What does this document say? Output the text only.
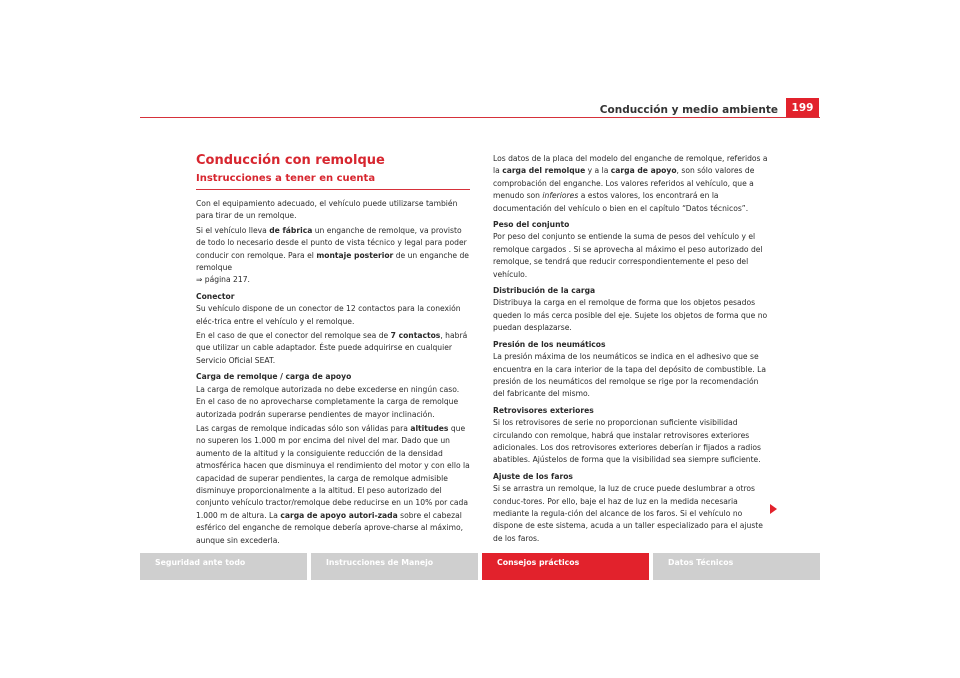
Conducción y medio ambiente	199
Conducción con remolque
Instrucciones a tener en cuenta

Con el equipamiento adecuado, el vehículo puede utilizarse también para tirar de un remolque.

Si el vehículo lleva de fábrica un enganche de remolque, va provisto de todo lo necesario desde el punto de vista técnico y legal para poder conducir con remolque. Para el montaje posterior de un enganche de remolque
⇒ página 217.

Conector

Su vehículo dispone de un conector de 12 contactos para la conexión eléc-trica entre el vehículo y el remolque.

En el caso de que el conector del remolque sea de 7 contactos, habrá que utilizar un cable adaptador. Éste puede adquirirse en cualquier Servicio Oficial SEAT.

Carga de remolque / carga de apoyo

La carga de remolque autorizada no debe excederse en ningún caso. En el caso de no aprovecharse completamente la carga de remolque autorizada podrán superarse pendientes de mayor inclinación.

Las cargas de remolque indicadas sólo son válidas para altitudes que no superen los 1.000 m por encima del nivel del mar. Dado que un aumento de la altitud y la consiguiente reducción de la densidad atmosférica hacen que disminuya el rendimiento del motor y con ello la capacidad de superar pendientes, la carga de remolque admisible disminuye proporcionalmente a la altitud. El peso autorizado del conjunto vehículo tractor/remolque debe reducirse en un 10% por cada 1.000 m de altura. La carga de apoyo autori-zada sobre el cabezal esférico del enganche de remolque debería aprove-charse al máximo, aunque sin excederla.

Los datos de la placa del modelo del enganche de remolque, referidos a la carga del remolque y a la carga de apoyo, son sólo valores de comprobación del enganche. Los valores referidos al vehículo, que a menudo son inferiores a estos valores, los encontrará en la documentación del vehículo o bien en el capítulo “Datos técnicos”.

Peso del conjunto

Por peso del conjunto se entiende la suma de pesos del vehículo y el remolque cargados . Si se aprovecha al máximo el peso autorizado del remolque, se tendrá que reducir correspondientemente el peso del vehículo.

Distribución de la carga

Distribuya la carga en el remolque de forma que los objetos pesados queden lo más cerca posible del eje. Sujete los objetos de forma que no puedan desplazarse.

Presión de los neumáticos

La presión máxima de los neumáticos se indica en el adhesivo que se encuentra en la cara interior de la tapa del depósito de combustible. La presión de los neumáticos del remolque se rige por la recomendación del fabricante del mismo.

Retrovisores exteriores

Si los retrovisores de serie no proporcionan suficiente visibilidad circulando con remolque, habrá que instalar retrovisores exteriores adicionales. Los dos retrovisores exteriores deberían ir fijados a radios abatibles. Ajústelos de forma que la visibilidad sea siempre suficiente.

Ajuste de los faros

Si se arrastra un remolque, la luz de cruce puede deslumbrar a otros conduc-tores. Por ello, baje el haz de luz en la medida necesaria mediante la regula-ción del alcance de los faros. Si el vehículo no dispone de este sistema, acuda a un taller especializado para el ajuste de los faros.

Seguridad ante todo	Instrucciones de Manejo	Consejos prácticos	Datos Técnicos
